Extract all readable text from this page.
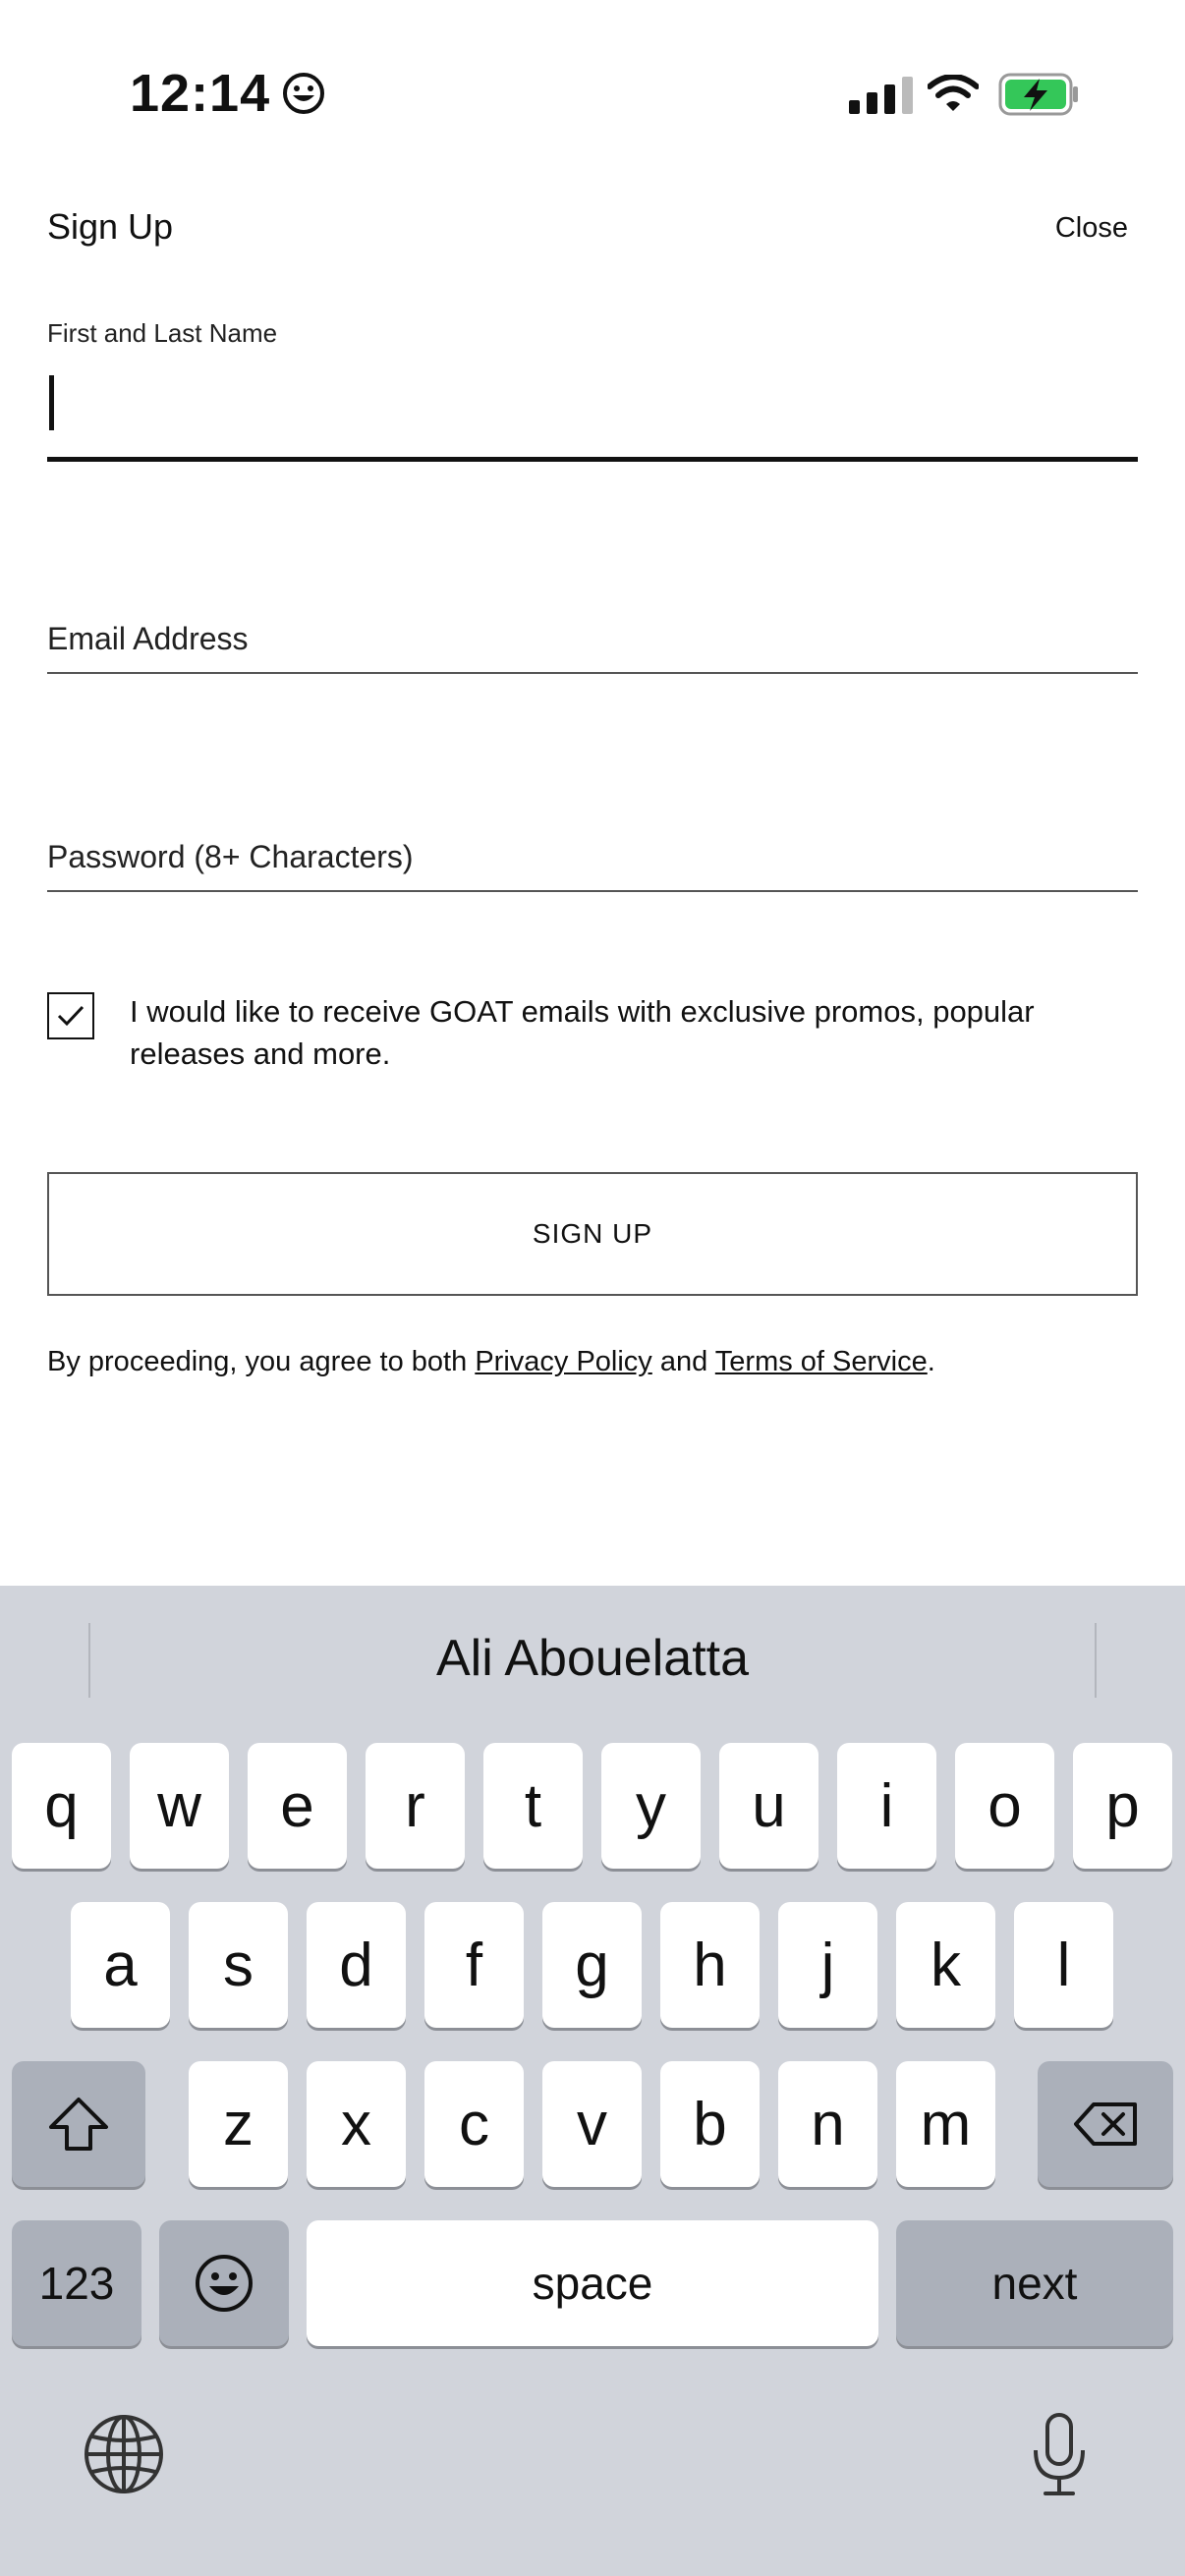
12:14
Sign Up	Close
First and Last Name
Email Address
Password (8+ Characters)
I would like to receive GOAT emails with exclusive promos, popular releases and more.
SIGN UP
By proceeding, you agree to both Privacy Policy and Terms of Service.
Ali Abouelatta
q	w	e	r	t	y	u	i	o	p
a	s	d	f	g	h	j	k	l
z	x	c	v	b	n	m
123	space	next
